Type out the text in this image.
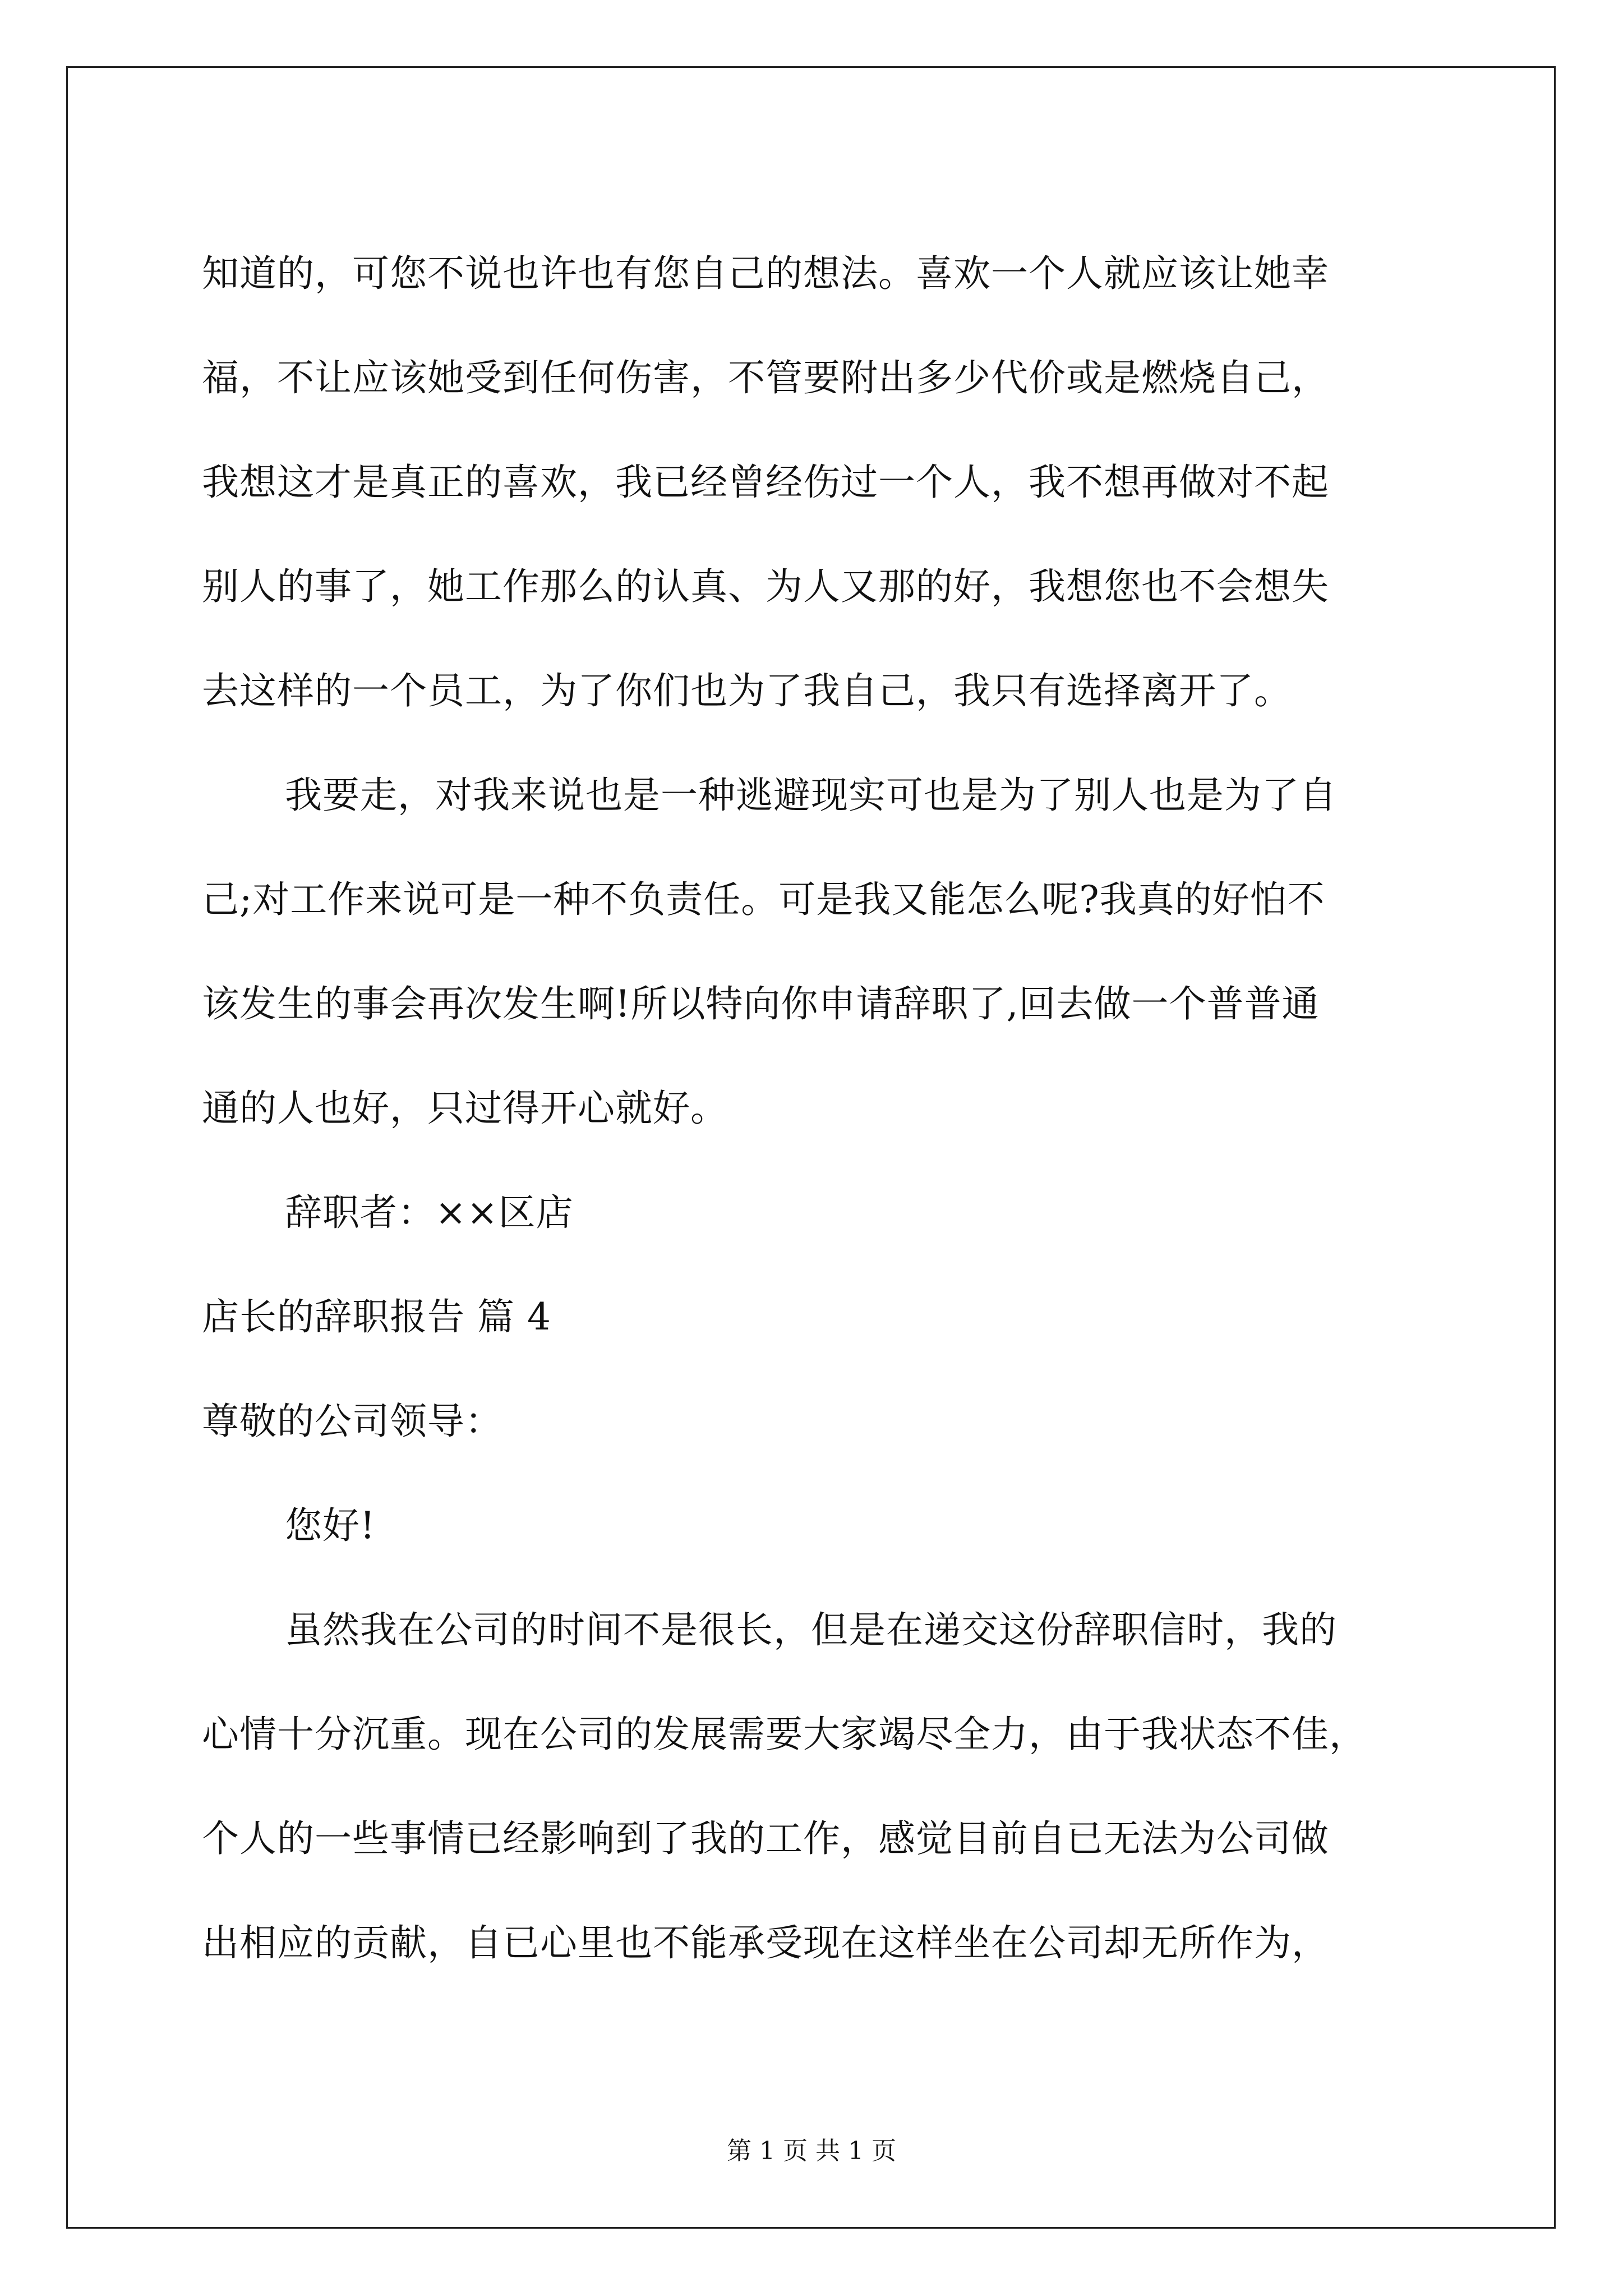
知道的，可您不说也许也有您自己的想法。喜欢一个人就应该让她幸
福，不让应该她受到任何伤害，不管要附出多少代价或是燃烧自己，
我想这才是真正的喜欢，我已经曾经伤过一个人，我不想再做对不起
别人的事了，她工作那么的认真、为人又那的好，我想您也不会想失
去这样的一个员工，为了你们也为了我自己，我只有选择离开了。
我要走，对我来说也是一种逃避现实可也是为了别人也是为了自
己;对工作来说可是一种不负责任。可是我又能怎么呢?我真的好怕不
该发生的事会再次发生啊!所以特向你申请辞职了,回去做一个普普通
通的人也好，只过得开心就好。
辞职者：××区店
店长的辞职报告 篇 4
尊敬的公司领导：
您好!
虽然我在公司的时间不是很长，但是在递交这份辞职信时，我的
心情十分沉重。现在公司的发展需要大家竭尽全力，由于我状态不佳，
个人的一些事情已经影响到了我的工作，感觉目前自已无法为公司做
出相应的贡献，自已心里也不能承受现在这样坐在公司却无所作为，
第 1 页 共 1 页
